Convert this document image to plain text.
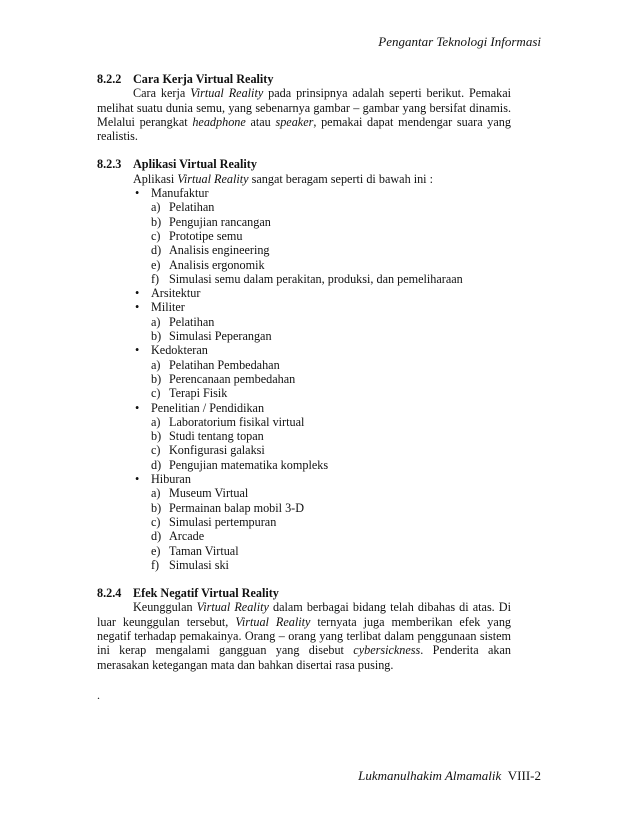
Pengantar Teknologi Informasi
8.2.2 Cara Kerja Virtual Reality

Cara kerja Virtual Reality pada prinsipnya adalah seperti berikut. Pemakai melihat suatu dunia semu, yang sebenarnya gambar – gambar yang bersifat dinamis. Melalui perangkat headphone atau speaker, pemakai dapat mendengar suara yang realistis.

8.2.3 Aplikasi Virtual Reality

Aplikasi Virtual Reality sangat beragam seperti di bawah ini :

• Manufaktur
a) Pelatihan
b) Pengujian rancangan
c) Prototipe semu
d) Analisis engineering
e) Analisis ergonomik
f) Simulasi semu dalam perakitan, produksi, dan pemeliharaan
• Arsitektur
• Militer
a) Pelatihan
b) Simulasi Peperangan
• Kedokteran
a) Pelatihan Pembedahan
b) Perencanaan pembedahan
c) Terapi Fisik
• Penelitian / Pendidikan
a) Laboratorium fisikal virtual
b) Studi tentang topan
c) Konfigurasi galaksi
d) Pengujian matematika kompleks
• Hiburan
a) Museum Virtual
b) Permainan balap mobil 3-D
c) Simulasi pertempuran
d) Arcade
e) Taman Virtual
f) Simulasi ski
8.2.4 Efek Negatif Virtual Reality

Keunggulan Virtual Reality dalam berbagai bidang telah dibahas di atas. Di luar keunggulan tersebut, Virtual Reality ternyata juga memberikan efek yang negatif terhadap pemakainya. Orang – orang yang terlibat dalam penggunaan sistem ini kerap mengalami gangguan yang disebut cybersickness. Penderita akan merasakan ketegangan mata dan bahkan disertai rasa pusing.

.
Lukmanulhakim Almamalik VIII-2
